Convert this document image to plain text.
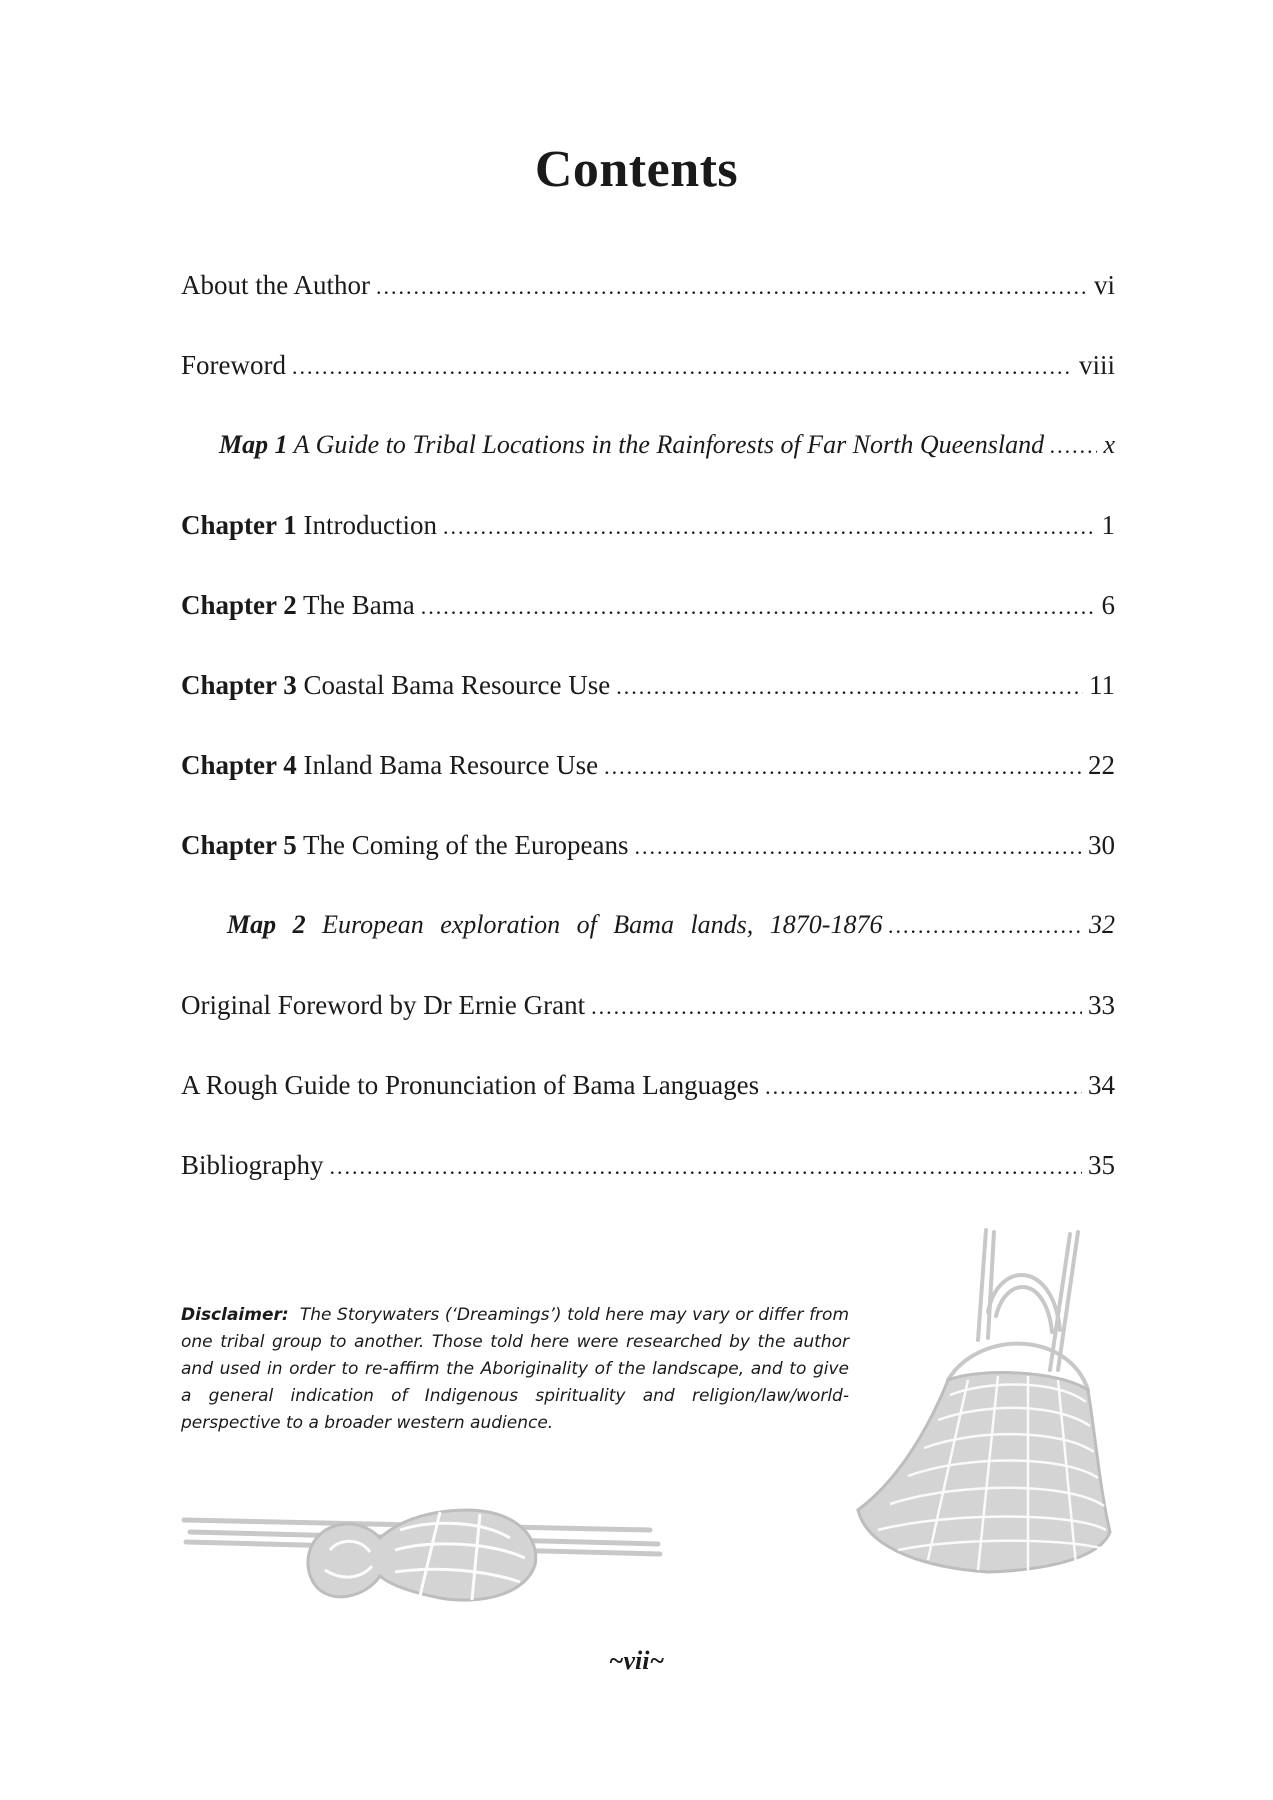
Contents
About the Author .....	vi
Foreword .....	viii
Map 1 A Guide to Tribal Locations in the Rainforests of Far North Queensland ..... x
Chapter 1 Introduction .....	1
Chapter 2 The Bama .....	6
Chapter 3 Coastal Bama Resource Use .....	11
Chapter 4 Inland Bama Resource Use .....	22
Chapter 5 The Coming of the Europeans .....	30
Map 2 European exploration of Bama lands, 1870-1876 .....	32
Original Foreword by Dr Ernie Grant .....	33
A Rough Guide to Pronunciation of Bama Languages .....	34
Bibliography .....	35

Disclaimer: The Storywaters (‘Dreamings’) told here may vary or differ from one tribal group to another. Those told here were researched by the author and used in order to re-affirm the Aboriginality of the landscape, and to give a general indication of Indigenous spirituality and religion/law/world-perspective to a broader western audience.

~vii~
